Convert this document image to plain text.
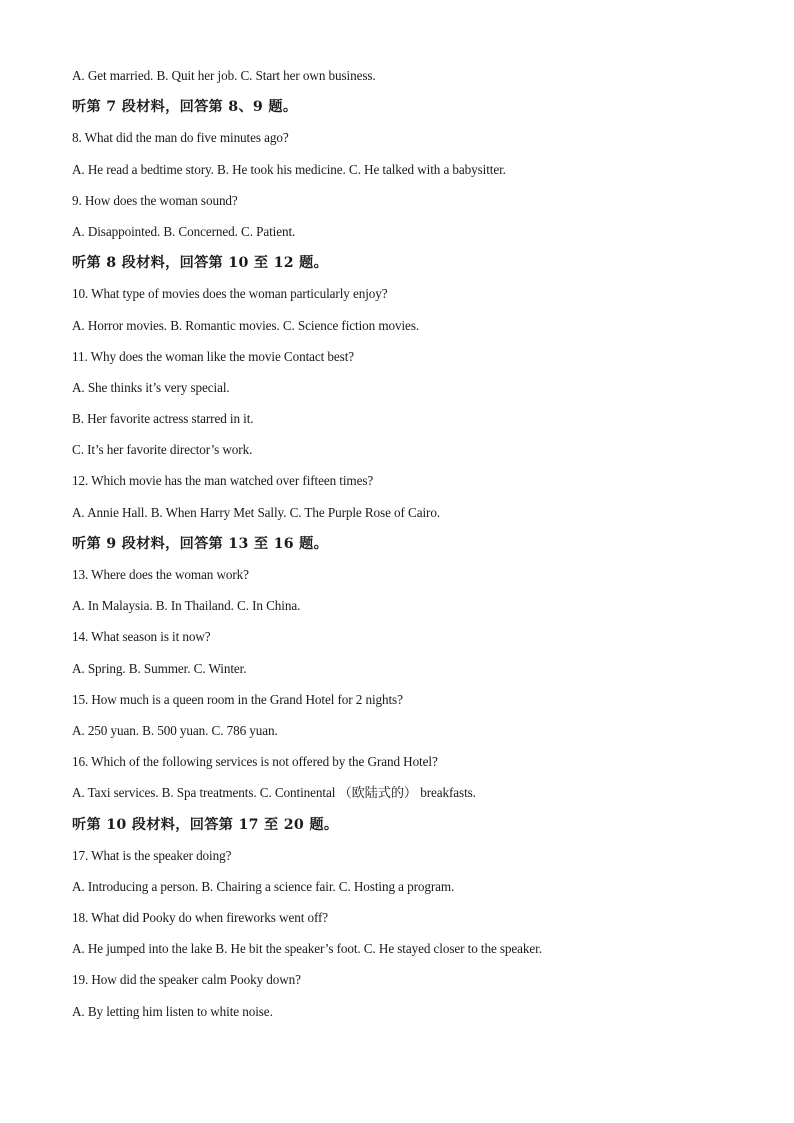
A. Get married. B. Quit her job. C. Start her own business.
听第 7 段材料，回答第 8、9 题。
8. What did the man do five minutes ago?
A. He read a bedtime story. B. He took his medicine. C. He talked with a babysitter.
9. How does the woman sound?
A. Disappointed. B. Concerned. C. Patient.
听第 8 段材料，回答第 10 至 12 题。
10. What type of movies does the woman particularly enjoy?
A. Horror movies. B. Romantic movies. C. Science fiction movies.
11. Why does the woman like the movie Contact best?
A. She thinks it’s very special.
B. Her favorite actress starred in it.
C. It’s her favorite director’s work.
12. Which movie has the man watched over fifteen times?
A. Annie Hall. B. When Harry Met Sally. C. The Purple Rose of Cairo.
听第 9 段材料，回答第 13 至 16 题。
13. Where does the woman work?
A. In Malaysia. B. In Thailand. C. In China.
14. What season is it now?
A. Spring. B. Summer. C. Winter.
15. How much is a queen room in the Grand Hotel for 2 nights?
A. 250 yuan. B. 500 yuan. C. 786 yuan.
16. Which of the following services is not offered by the Grand Hotel?
A. Taxi services. B. Spa treatments. C. Continental （欧陆式的） breakfasts.
听第 10 段材料，回答第 17 至 20 题。
17. What is the speaker doing?
A. Introducing a person. B. Chairing a science fair. C. Hosting a program.
18. What did Pooky do when fireworks went off?
A. He jumped into the lake B. He bit the speaker’s foot. C. He stayed closer to the speaker.
19. How did the speaker calm Pooky down?
A. By letting him listen to white noise.
